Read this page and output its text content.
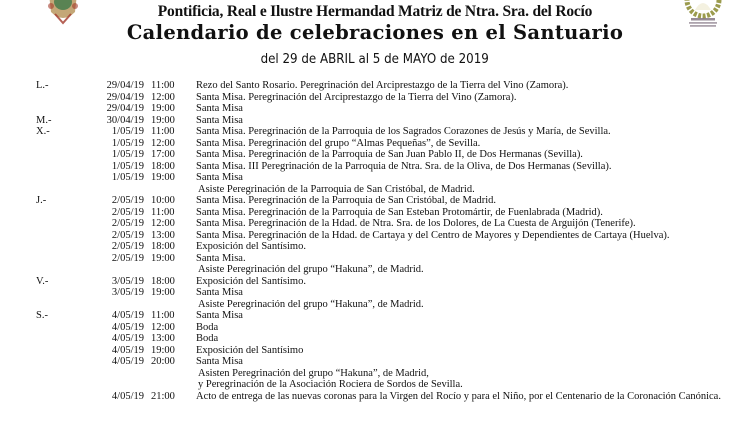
Pontificia, Real e Ilustre Hermandad Matriz de Ntra. Sra. del Rocío
Calendario de celebraciones en el Santuario
del 29 de ABRIL al 5 de MAYO de 2019
L.-	29/04/19 11:00 Rezo del Santo Rosario. Peregrinación del Arciprestazgo de la Tierra del Vino (Zamora).
29/04/19 12:00 Santa Misa. Peregrinación del Arciprestazgo de la Tierra del Vino (Zamora).
29/04/19 19:00 Santa Misa
M.-	30/04/19 19:00 Santa Misa
X.-	1/05/19 11:00 Santa Misa. Peregrinación de la Parroquia de los Sagrados Corazones de Jesús y María, de Sevilla.
1/05/19 12:00 Santa Misa. Peregrinación del grupo “Almas Pequeñas”, de Sevilla.
1/05/19 17:00 Santa Misa. Peregrinación de la Parroquia de San Juan Pablo II, de Dos Hermanas (Sevilla).
1/05/19 18:00 Santa Misa. III Peregrinación de la Parroquia de Ntra. Sra. de la Oliva, de Dos Hermanas (Sevilla).
1/05/19 19:00 Santa Misa
Asiste Peregrinación de la Parroquia de San Cristóbal, de Madrid.
J.-	2/05/19 10:00 Santa Misa. Peregrinación de la Parroquia de San Cristóbal, de Madrid.
2/05/19 11:00 Santa Misa. Peregrinación de la Parroquia de San Esteban Protomártir, de Fuenlabrada (Madrid).
2/05/19 12:00 Santa Misa. Peregrinación de la Hdad. de Ntra. Sra. de los Dolores, de La Cuesta de Arguijón (Tenerife).
2/05/19 13:00 Santa Misa. Peregrinación de la Hdad. de Cartaya y del Centro de Mayores y Dependientes de Cartaya (Huelva).
2/05/19 18:00 Exposición del Santísimo.
2/05/19 19:00 Santa Misa.
Asiste Peregrinación del grupo “Hakuna”, de Madrid.
V.-	3/05/19 18:00 Exposición del Santísimo.
3/05/19 19:00 Santa Misa
Asiste Peregrinación del grupo “Hakuna”, de Madrid.
S.-	4/05/19 11:00 Santa Misa
4/05/19 12:00 Boda
4/05/19 13:00 Boda
4/05/19 19:00 Exposición del Santísimo
4/05/19 20:00 Santa Misa
Asisten Peregrinación del grupo “Hakuna”, de Madrid,
y Peregrinación de la Asociación Rociera de Sordos de Sevilla.
4/05/19 21:00 Acto de entrega de las nuevas coronas para la Virgen del Rocío y para el Niño, por el Centenario de la Coronación Canónica.
